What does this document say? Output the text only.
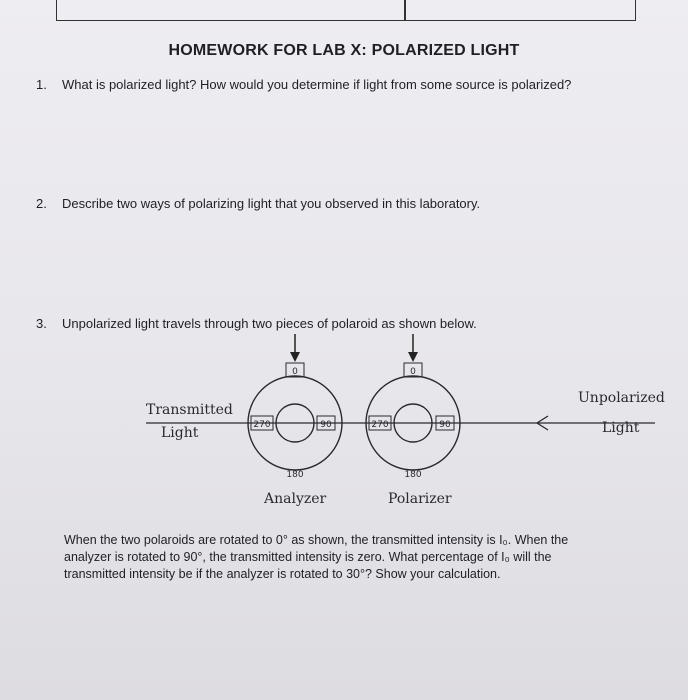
HOMEWORK FOR LAB X: POLARIZED LIGHT
1. What is polarized light? How would you determine if light from some source is polarized?
2. Describe two ways of polarizing light that you observed in this laboratory.
3. Unpolarized light travels through two pieces of polaroid as shown below.
0
270	90
180
0
270	90
180
Transmitted
Light
Unpolarized
Light
Analyzer	Polarizer
When the two polaroids are rotated to 0° as shown, the transmitted intensity is I₀. When the
analyzer is rotated to 90°, the transmitted intensity is zero. What percentage of I₀ will the
transmitted intensity be if the analyzer is rotated to 30°? Show your calculation.
